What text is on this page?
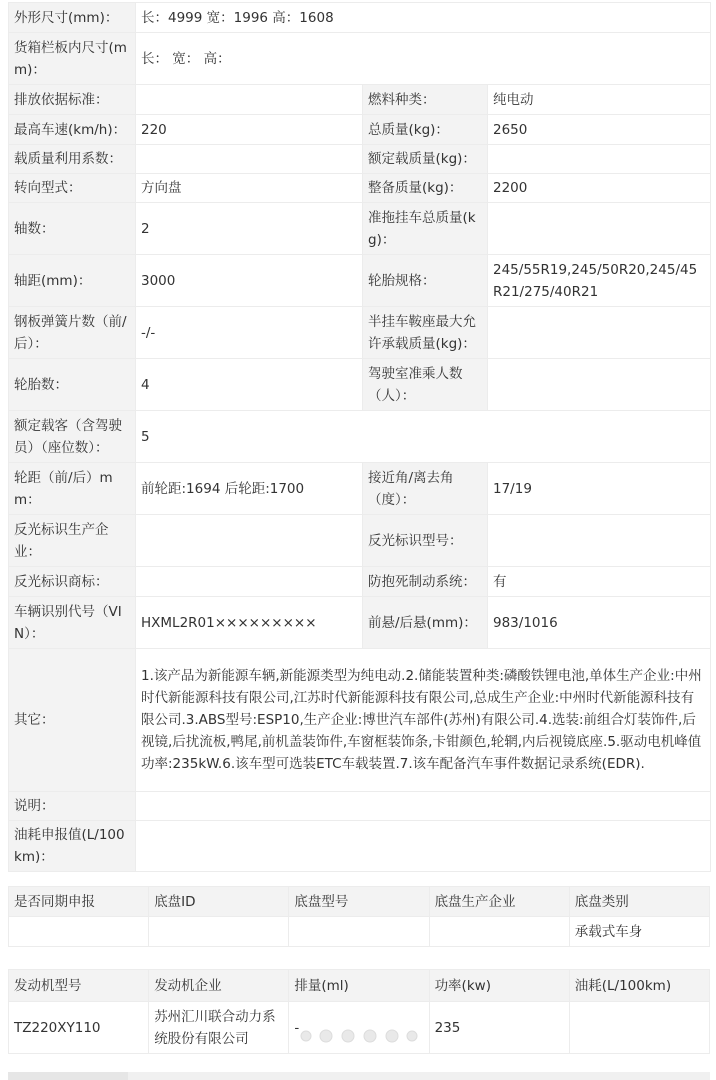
外形尺寸(mm)：	长：4999 宽：1996 高：1608		
货箱栏板内尺寸(mm)：	长： 宽： 高：		
排放依据标准：		燃料种类：	纯电动
最高车速(km/h)：	220	总质量(kg)：	2650
载质量利用系数：		额定载质量(kg)：	
转向型式：	方向盘	整备质量(kg)：	2200
轴数：	2	准拖挂车总质量(kg)：	
轴距(mm)：	3000	轮胎规格：	245/55R19,245/50R20,245/45R21/275/40R21
钢板弹簧片数（前/后）：	-/-	半挂车鞍座最大允许承载质量(kg)：	
轮胎数：	4	驾驶室准乘人数（人）：	
额定载客（含驾驶员）（座位数）：	5		
轮距（前/后）mm：	前轮距:1694 后轮距:1700	接近角/离去角（度）：	17/19
反光标识生产企业：		反光标识型号：	
反光标识商标：		防抱死制动系统：	有
车辆识别代号（VIN）：	HXML2R01×××××××××	前悬/后悬(mm)：	983/1016
其它：	1.该产品为新能源车辆,新能源类型为纯电动.2.储能装置种类:磷酸铁锂电池,单体生产企业:中州时代新能源科技有限公司,江苏时代新能源科技有限公司,总成生产企业:中州时代新能源科技有限公司.3.ABS型号:ESP10,生产企业:博世汽车部件(苏州)有限公司.4.选装:前组合灯装饰件,后视镜,后扰流板,鸭尾,前机盖装饰件,车窗框装饰条,卡钳颜色,轮辋,内后视镜底座.5.驱动电机峰值功率:235kW.6.该车型可选装ETC车载装置.7.该车配备汽车事件数据记录系统(EDR).		
说明：			
油耗申报值(L/100km)：			
是否同期申报	底盘ID	底盘型号	底盘生产企业	底盘类别
				承载式车身
发动机型号	发动机企业	排量(ml)	功率(kw)	油耗(L/100km)
TZ220XY110	苏州汇川联合动力系统股份有限公司	-	235	
